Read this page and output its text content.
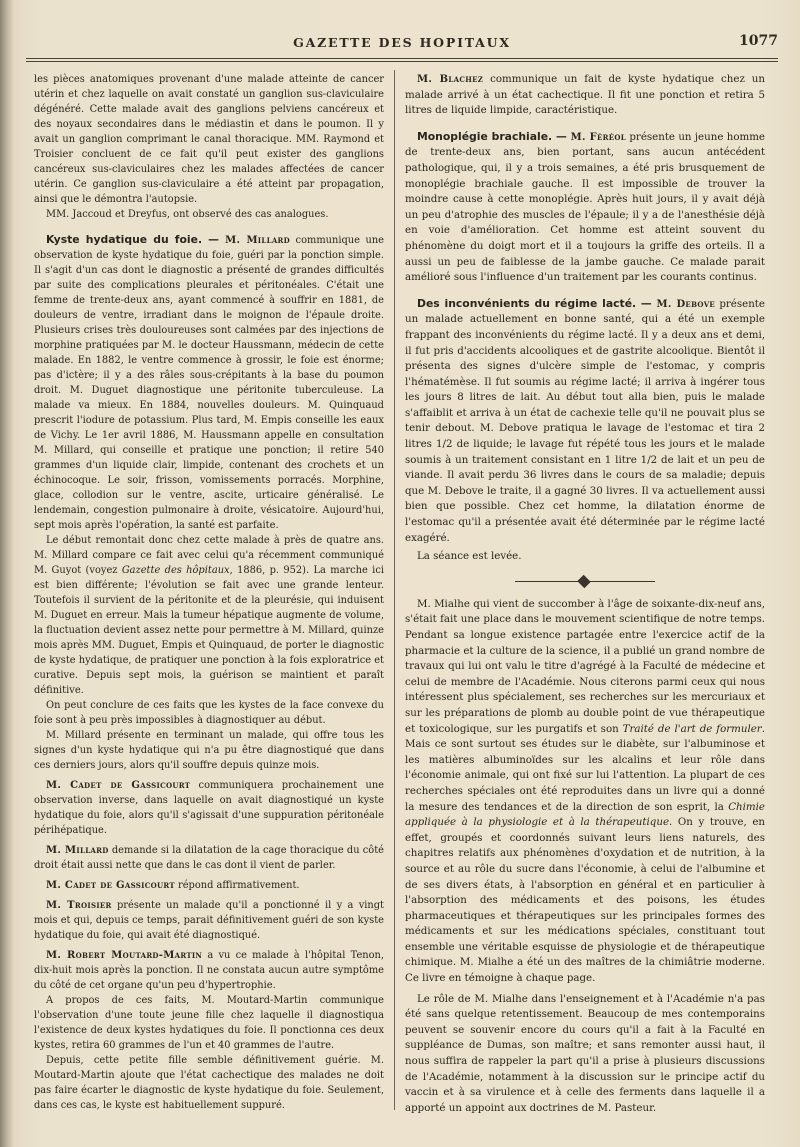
GAZETTE DES HOPITAUX	1077

les pièces anatomiques provenant d'une malade atteinte de cancer utérin et chez laquelle on avait constaté un ganglion sus-claviculaire dégénéré. Cette malade avait des ganglions pelviens cancéreux et des noyaux secondaires dans le médiastin et dans le poumon. Il y avait un ganglion comprimant le canal thoracique. MM. Raymond et Troisier concluent de ce fait qu'il peut exister des ganglions cancéreux sus-claviculaires chez les malades affectées de cancer utérin. Ce ganglion sus-claviculaire a été atteint par propagation, ainsi que le démontra l'autopsie.

MM. Jaccoud et Dreyfus, ont observé des cas analogues.

Kyste hydatique du foie. — M. Millard communique une observation de kyste hydatique du foie, guéri par la ponction simple. Il s'agit d'un cas dont le diagnostic a présenté de grandes difficultés par suite des complications pleurales et péritonéales. C'était une femme de trente-deux ans, ayant commencé à souffrir en 1881, de douleurs de ventre, irradiant dans le moignon de l'épaule droite. Plusieurs crises très douloureuses sont calmées par des injections de morphine pratiquées par M. le docteur Haussmann, médecin de cette malade. En 1882, le ventre commence à grossir, le foie est énorme; pas d'ictère; il y a des râles sous-crépitants à la base du poumon droit. M. Duguet diagnostique une péritonite tuberculeuse. La malade va mieux. En 1884, nouvelles douleurs. M. Quinquaud prescrit l'iodure de potassium. Plus tard, M. Empis conseille les eaux de Vichy. Le 1er avril 1886, M. Haussmann appelle en consultation M. Millard, qui conseille et pratique une ponction; il retire 540 grammes d'un liquide clair, limpide, contenant des crochets et un échinocoque. Le soir, frisson, vomissements porracés. Morphine, glace, collodion sur le ventre, ascite, urticaire généralisé. Le lendemain, congestion pulmonaire à droite, vésicatoire. Aujourd'hui, sept mois après l'opération, la santé est parfaite.

Le début remontait donc chez cette malade à près de quatre ans. M. Millard compare ce fait avec celui qu'a récemment communiqué M. Guyot (voyez Gazette des hôpitaux, 1886, p. 952). La marche ici est bien différente; l'évolution se fait avec une grande lenteur. Toutefois il survient de la péritonite et de la pleurésie, qui induisent M. Duguet en erreur. Mais la tumeur hépatique augmente de volume, la fluctuation devient assez nette pour permettre à M. Millard, quinze mois après MM. Duguet, Empis et Quinquaud, de porter le diagnostic de kyste hydatique, de pratiquer une ponction à la fois exploratrice et curative. Depuis sept mois, la guérison se maintient et paraît définitive.

On peut conclure de ces faits que les kystes de la face convexe du foie sont à peu près impossibles à diagnostiquer au début.

M. Millard présente en terminant un malade, qui offre tous les signes d'un kyste hydatique qui n'a pu être diagnostiqué que dans ces derniers jours, alors qu'il souffre depuis quinze mois.

M. Cadet de Gassicourt communiquera prochainement une observation inverse, dans laquelle on avait diagnostiqué un kyste hydatique du foie, alors qu'il s'agissait d'une suppuration péritonéale périhépatique.

M. Millard demande si la dilatation de la cage thoracique du côté droit était aussi nette que dans le cas dont il vient de parler.

M. Cadet de Gassicourt répond affirmativement.

M. Troisier présente un malade qu'il a ponctionné il y a vingt mois et qui, depuis ce temps, parait définitivement guéri de son kyste hydatique du foie, qui avait été diagnostiqué.

M. Robert Moutard-Martin a vu ce malade à l'hôpital Tenon, dix-huit mois après la ponction. Il ne constata aucun autre symptôme du côté de cet organe qu'un peu d'hypertrophie.

A propos de ces faits, M. Moutard-Martin communique l'observation d'une toute jeune fille chez laquelle il diagnostiqua l'existence de deux kystes hydatiques du foie. Il ponctionna ces deux kystes, retira 60 grammes de l'un et 40 grammes de l'autre.

Depuis, cette petite fille semble définitivement guérie. M. Moutard-Martin ajoute que l'état cachectique des malades ne doit pas faire écarter le diagnostic de kyste hydatique du foie. Seulement, dans ces cas, le kyste est habituellement suppuré.

M. Blachez communique un fait de kyste hydatique chez un malade arrivé à un état cachectique. Il fit une ponction et retira 5 litres de liquide limpide, caractéristique.

Monoplégie brachiale. — M. Féréol présente un jeune homme de trente-deux ans, bien portant, sans aucun antécédent pathologique, qui, il y a trois semaines, a été pris brusquement de monoplégie brachiale gauche. Il est impossible de trouver la moindre cause à cette monoplégie. Après huit jours, il y avait déjà un peu d'atrophie des muscles de l'épaule; il y a de l'anesthésie déjà en voie d'amélioration. Cet homme est atteint souvent du phénomène du doigt mort et il a toujours la griffe des orteils. Il a aussi un peu de faiblesse de la jambe gauche. Ce malade parait amélioré sous l'influence d'un traitement par les courants continus.

Des inconvénients du régime lacté. — M. Debove présente un malade actuellement en bonne santé, qui a été un exemple frappant des inconvénients du régime lacté. Il y a deux ans et demi, il fut pris d'accidents alcooliques et de gastrite alcoolique. Bientôt il présenta des signes d'ulcère simple de l'estomac, y compris l'hématémèse. Il fut soumis au régime lacté; il arriva à ingérer tous les jours 8 litres de lait. Au début tout alla bien, puis le malade s'affaiblit et arriva à un état de cachexie telle qu'il ne pouvait plus se tenir debout. M. Debove pratiqua le lavage de l'estomac et tira 2 litres 1/2 de liquide; le lavage fut répété tous les jours et le malade soumis à un traitement consistant en 1 litre 1/2 de lait et un peu de viande. Il avait perdu 36 livres dans le cours de sa maladie; depuis que M. Debove le traite, il a gagné 30 livres. Il va actuellement aussi bien que possible. Chez cet homme, la dilatation énorme de l'estomac qu'il a présentée avait été déterminée par le régime lacté exagéré.

La séance est levée.

M. Mialhe qui vient de succomber à l'âge de soixante-dix-neuf ans, s'était fait une place dans le mouvement scientifique de notre temps. Pendant sa longue existence partagée entre l'exercice actif de la pharmacie et la culture de la science, il a publié un grand nombre de travaux qui lui ont valu le titre d'agrégé à la Faculté de médecine et celui de membre de l'Académie. Nous citerons parmi ceux qui nous intéressent plus spécialement, ses recherches sur les mercuriaux et sur les préparations de plomb au double point de vue thérapeutique et toxicologique, sur les purgatifs et son Traité de l'art de formuler. Mais ce sont surtout ses études sur le diabète, sur l'albuminose et les matières albuminoïdes sur les alcalins et leur rôle dans l'économie animale, qui ont fixé sur lui l'attention. La plupart de ces recherches spéciales ont été reproduites dans un livre qui a donné la mesure des tendances et de la direction de son esprit, la Chimie appliquée à la physiologie et à la thérapeutique. On y trouve, en effet, groupés et coordonnés suivant leurs liens naturels, des chapitres relatifs aux phénomènes d'oxydation et de nutrition, à la source et au rôle du sucre dans l'économie, à celui de l'albumine et de ses divers états, à l'absorption en général et en particulier à l'absorption des médicaments et des poisons, les études pharmaceutiques et thérapeutiques sur les principales formes des médicaments et sur les médications spéciales, constituant tout ensemble une véritable esquisse de physiologie et de thérapeutique chimique. M. Mialhe a été un des maîtres de la chimiâtrie moderne. Ce livre en témoigne à chaque page.

Le rôle de M. Mialhe dans l'enseignement et à l'Académie n'a pas été sans quelque retentissement. Beaucoup de mes contemporains peuvent se souvenir encore du cours qu'il a fait à la Faculté en suppléance de Dumas, son maître; et sans remonter aussi haut, il nous suffira de rappeler la part qu'il a prise à plusieurs discussions de l'Académie, notamment à la discussion sur le principe actif du vaccin et à sa virulence et à celle des ferments dans laquelle il a apporté un appoint aux doctrines de M. Pasteur.
